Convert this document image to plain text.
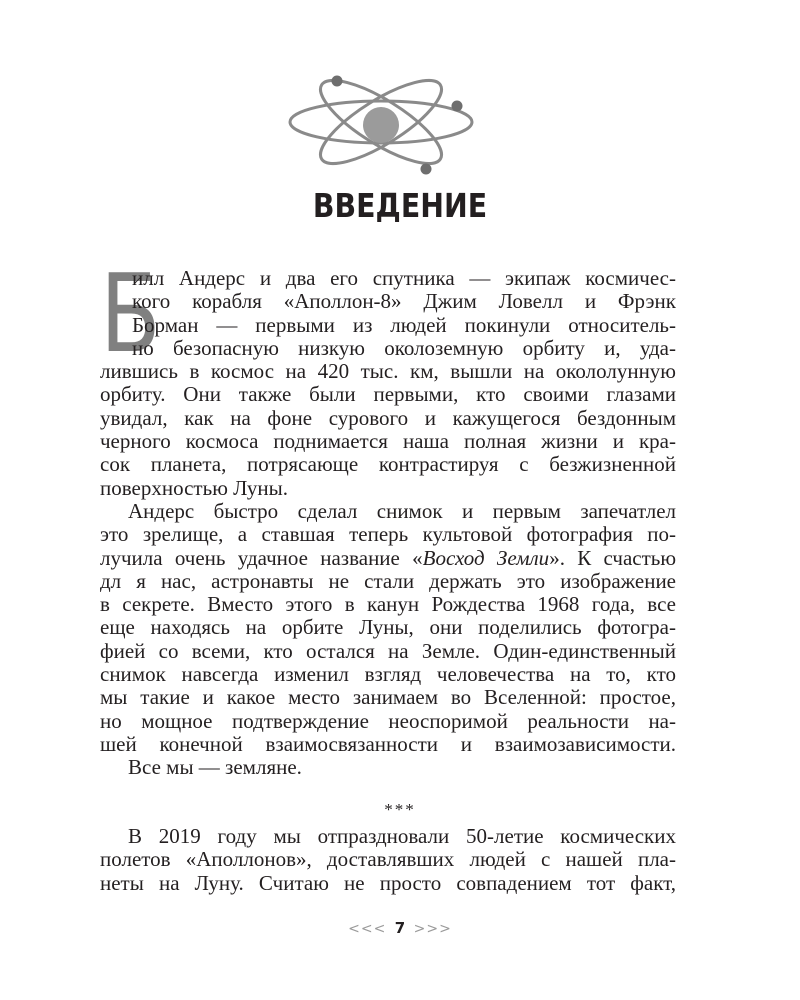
ВВЕДЕНИЕ
Б
илл Андерс и два его спутника — экипаж космичес-
кого корабля «Аполлон-8» Джим Ловелл и Фрэнк
Борман — первыми из людей покинули относитель-
но безопасную низкую околоземную орбиту и, уда-
лившись в космос на 420 тыс. км, вышли на окололунную
орбиту. Они также были первыми, кто своими глазами
увидал, как на фоне сурового и кажущегося бездонным
черного космоса поднимается наша полная жизни и кра-
сок планета, потрясающе контрастируя с безжизненной
поверхностью Луны.
Андерс быстро сделал снимок и первым запечатлел
это зрелище, а ставшая теперь культовой фотография по-
лучила очень удачное название «Восход Земли». К счастью
дл я нас, астронавты не стали держать это изображение
в секрете. Вместо этого в канун Рождества 1968 года, все
еще находясь на орбите Луны, они поделились фотогра-
фией со всеми, кто остался на Земле. Один-единственный
снимок навсегда изменил взгляд человечества на то, кто
мы такие и какое место занимаем во Вселенной: простое,
но мощное подтверждение неоспоримой реальности на-
шей конечной взаимосвязанности и взаимозависимости.
Все мы — земляне.
***
В 2019 году мы отпраздновали 50-летие космических
полетов «Аполлонов», доставлявших людей с нашей пла-
неты на Луну. Считаю не просто совпадением тот факт,
<<< 7 >>>
